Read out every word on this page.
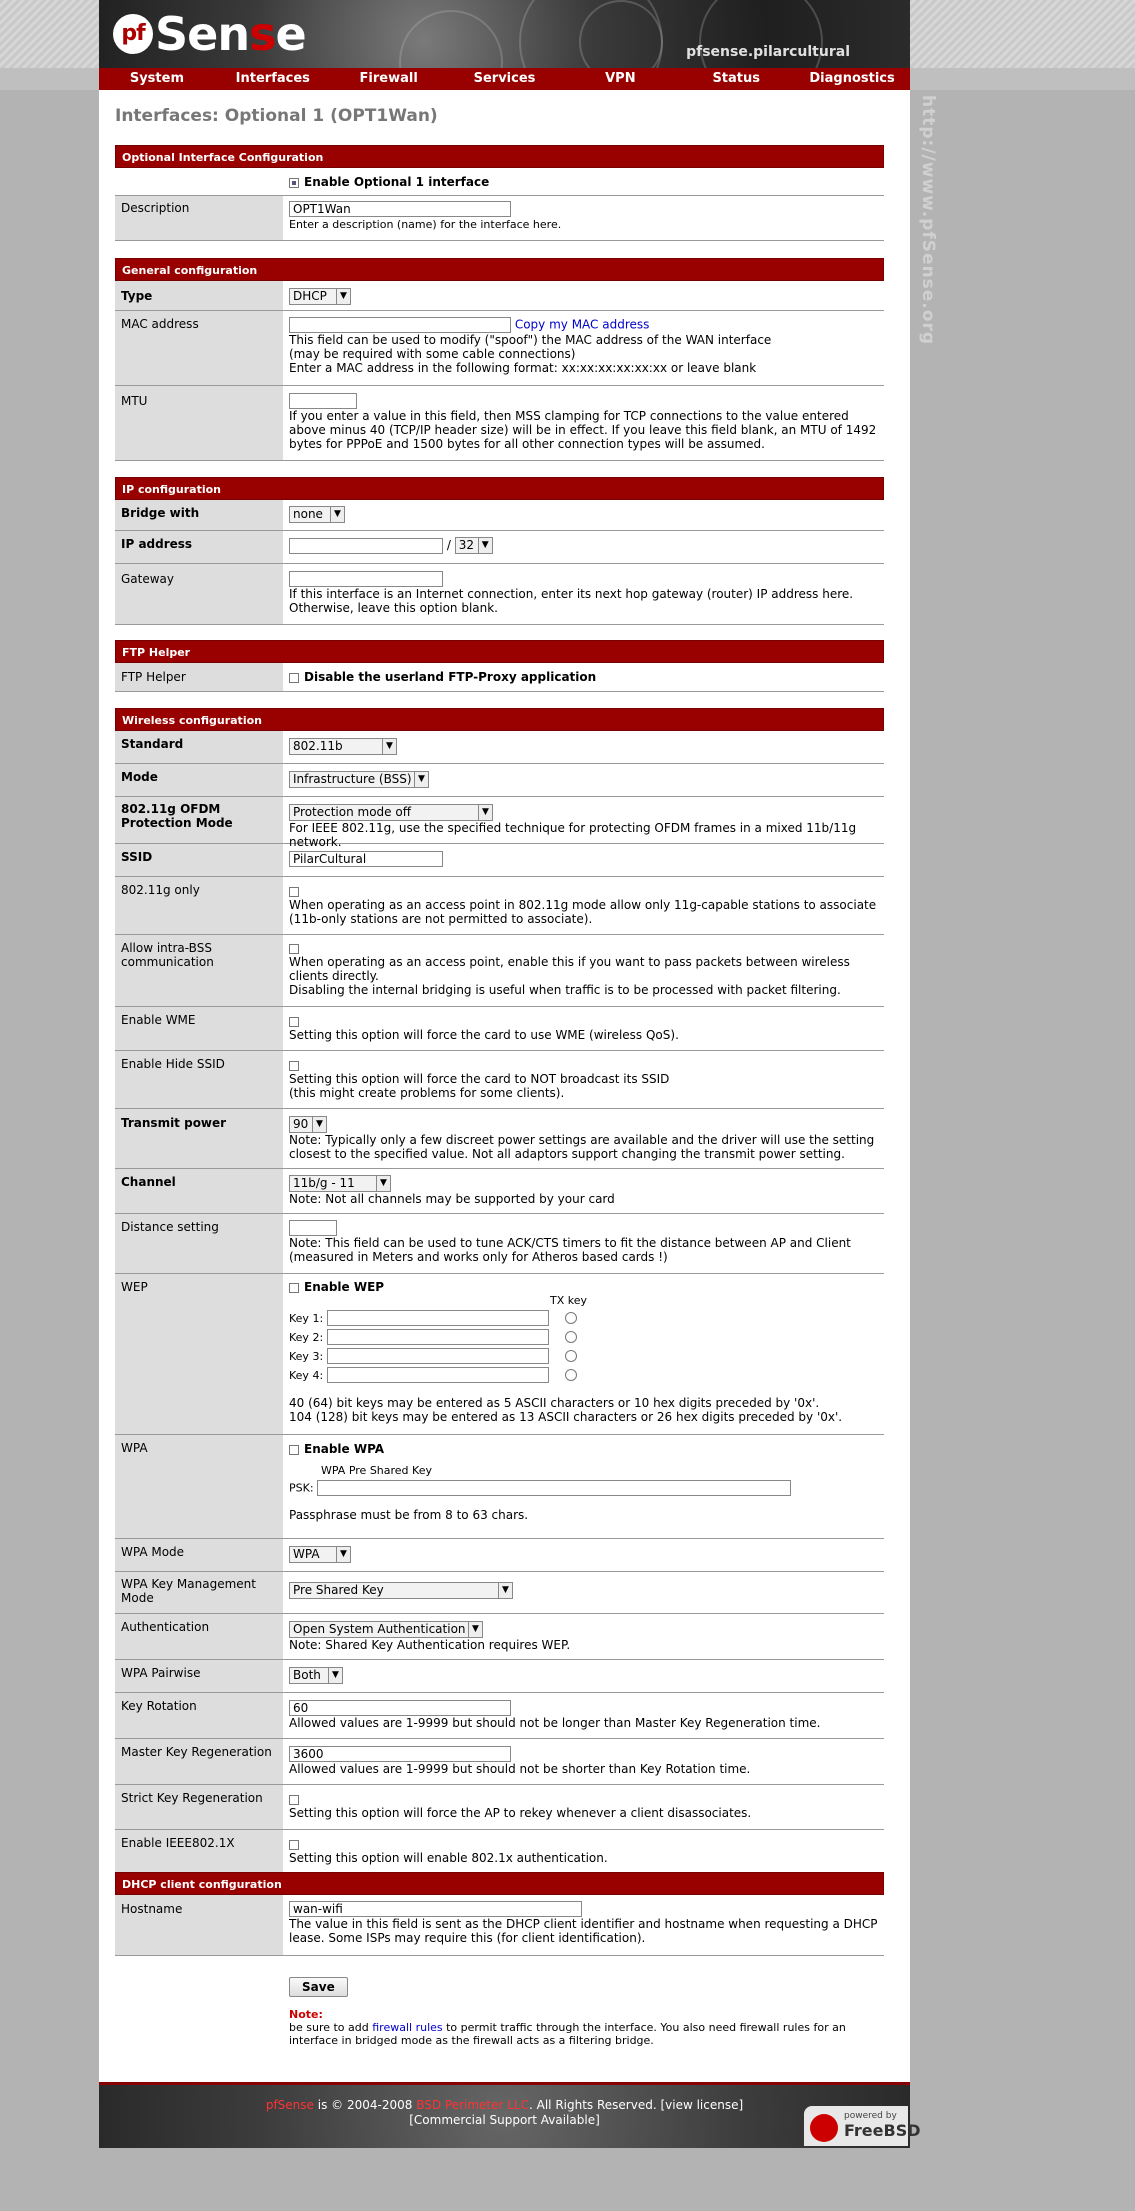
http://www.pfSense.org
pf Sense	pfsense.pilarcultural
System	Interfaces	Firewall	Services	VPN	Status	Diagnostics
Interfaces: Optional 1 (OPT1Wan)
Optional Interface Configuration
Enable Optional 1 interface
Description	OPT1Wan
Enter a description (name) for the interface here.
General configuration
Type	DHCP	▼
MAC address	Copy my MAC address
This field can be used to modify ("spoof") the MAC address of the WAN interface
(may be required with some cable connections)
Enter a MAC address in the following format: xx:xx:xx:xx:xx:xx or leave blank
MTU

If you enter a value in this field, then MSS clamping for TCP connections to the value entered above minus 40 (TCP/IP header size) will be in effect. If you leave this field blank, an MTU of 1492 bytes for PPPoE and 1500 bytes for all other connection types will be assumed.
IP configuration
Bridge with	none	▼
IP address	/ 32 ▼
Gateway

If this interface is an Internet connection, enter its next hop gateway (router) IP address here. Otherwise, leave this option blank.
FTP Helper
FTP Helper	Disable the userland FTP-Proxy application
Wireless configuration
Standard	802.11b	▼
Mode	Infrastructure (BSS) ▼
802.11g OFDM
Protection Mode
Protection mode off	▼

For IEEE 802.11g, use the specified technique for protecting OFDM frames in a mixed 11b/11g network.
SSID	PilarCultural
802.11g only

When operating as an access point in 802.11g mode allow only 11g-capable stations to associate
(11b-only stations are not permitted to associate).
Allow intra-BSS
communication	When operating as an access point, enable this if you want to pass packets between wireless clients directly.
Disabling the internal bridging is useful when traffic is to be processed with packet filtering.
Enable WME

Setting this option will force the card to use WME (wireless QoS).
Enable Hide SSID

Setting this option will force the card to NOT broadcast its SSID
(this might create problems for some clients).
Transmit power	90 ▼

Note: Typically only a few discreet power settings are available and the driver will use the setting closest to the specified value. Not all adaptors support changing the transmit power setting.
Channel	11b/g - 11	▼

Note: Not all channels may be supported by your card
Distance setting

Note: This field can be used to tune ACK/CTS timers to fit the distance between AP and Client
(measured in Meters and works only for Atheros based cards !)
WEP	Enable WEP
TX key
Key 1:
Key 2:
Key 3:
Key 4:
40 (64) bit keys may be entered as 5 ASCII characters or 10 hex digits preceded by '0x'.
104 (128) bit keys may be entered as 13 ASCII characters or 26 hex digits preceded by '0x'.
WPA	Enable WPA
WPA Pre Shared Key
PSK:
Passphrase must be from 8 to 63 chars.
WPA Mode	WPA	▼
WPA Key Management
Mode
Pre Shared Key	▼
Authentication	Open System Authentication ▼

Note: Shared Key Authentication requires WEP.
WPA Pairwise	Both	▼
Key Rotation	60
Allowed values are 1-9999 but should not be longer than Master Key Regeneration time.
Master Key Regeneration	3600
Allowed values are 1-9999 but should not be shorter than Key Rotation time.
Strict Key Regeneration

Setting this option will force the AP to rekey whenever a client disassociates.
Enable IEEE802.1X

Setting this option will enable 802.1x authentication.
DHCP client configuration
Hostname	wan-wifi
The value in this field is sent as the DHCP client identifier and hostname when requesting a DHCP lease. Some ISPs may require this (for client identification).
Save
Note:
be sure to add firewall rules to permit traffic through the interface. You also need firewall rules for an interface in bridged mode as the firewall acts as a filtering bridge.
pfSense is © 2004-2008 BSD Perimeter LLC. All Rights Reserved. [view license]
[Commercial Support Available]	powered by
FreeBSD
